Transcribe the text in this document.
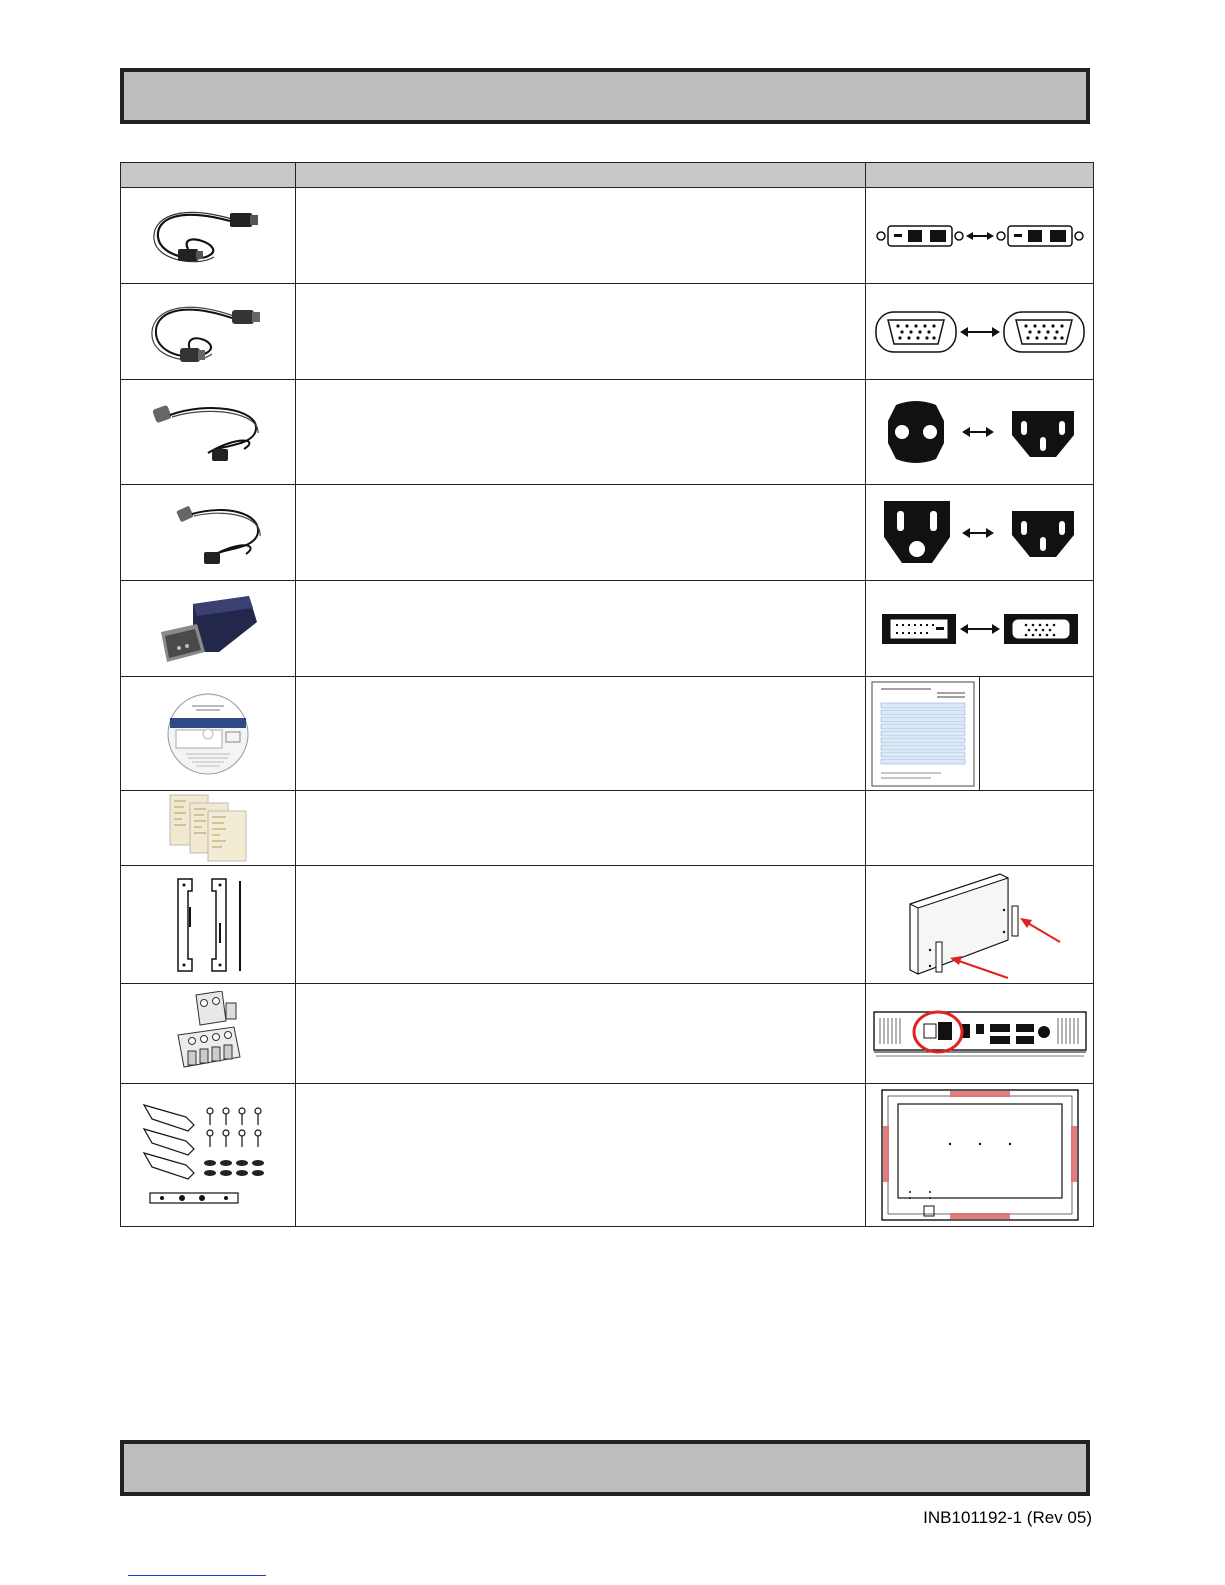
INB101192-1 (Rev 05)
